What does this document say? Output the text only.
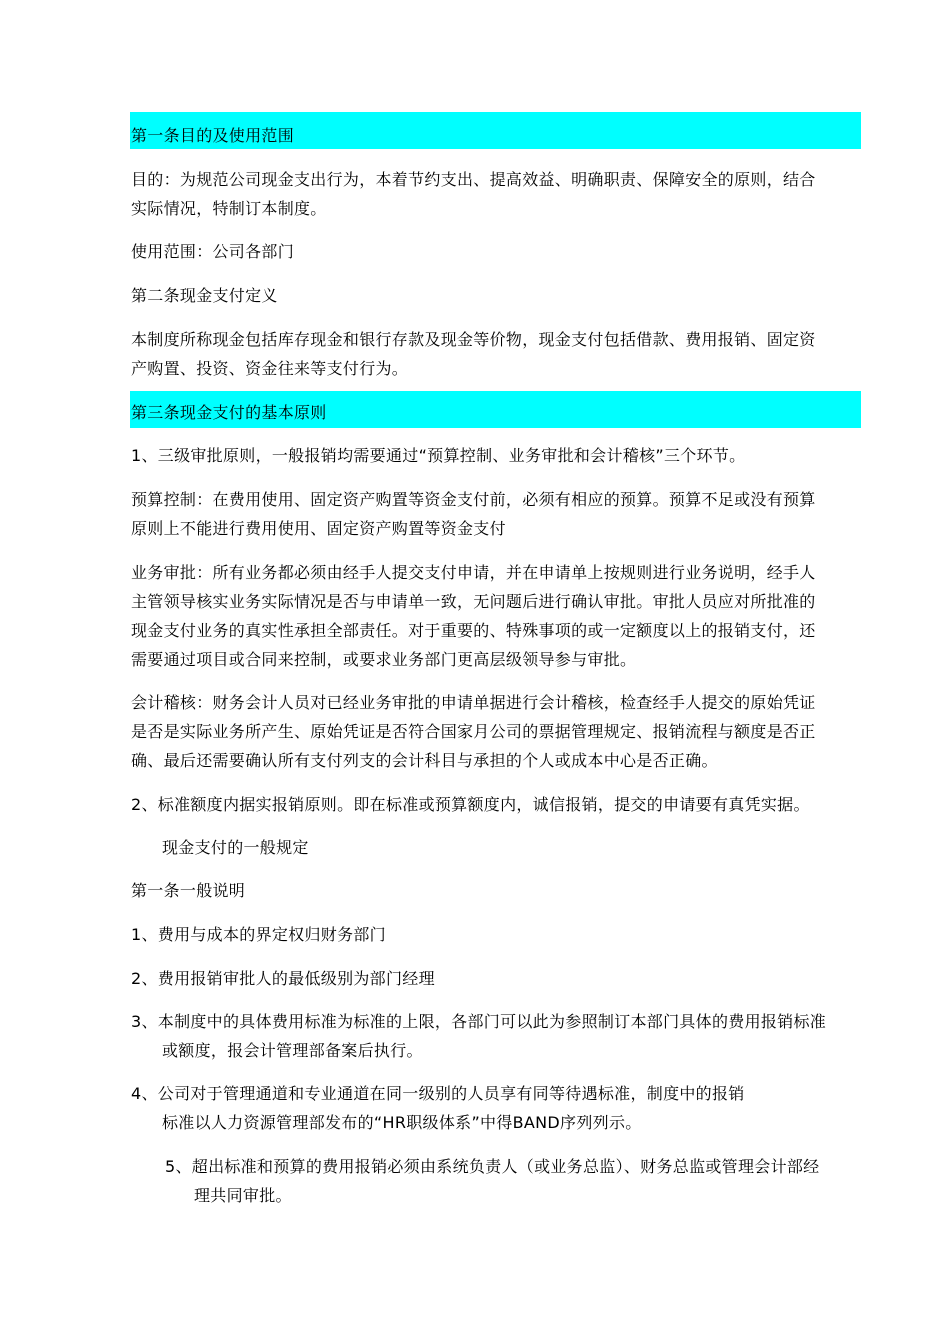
第一条目的及使用范围
目的：为规范公司现金支出行为，本着节约支出、提高效益、明确职责、保障安全的原则，结合
实际情况，特制订本制度。
使用范围：公司各部门
第二条现金支付定义
本制度所称现金包括库存现金和银行存款及现金等价物，现金支付包括借款、费用报销、固定资
产购置、投资、资金往来等支付行为。
第三条现金支付的基本原则
1、三级审批原则，一般报销均需要通过“预算控制、业务审批和会计稽核”三个环节。
预算控制：在费用使用、固定资产购置等资金支付前，必须有相应的预算。预算不足或没有预算
原则上不能进行费用使用、固定资产购置等资金支付
业务审批：所有业务都必须由经手人提交支付申请，并在申请单上按规则进行业务说明，经手人
主管领导核实业务实际情况是否与申请单一致，无问题后进行确认审批。审批人员应对所批准的
现金支付业务的真实性承担全部责任。对于重要的、特殊事项的或一定额度以上的报销支付，还
需要通过项目或合同来控制，或要求业务部门更高层级领导参与审批。
会计稽核：财务会计人员对已经业务审批的申请单据进行会计稽核，检查经手人提交的原始凭证
是否是实际业务所产生、原始凭证是否符合国家月公司的票据管理规定、报销流程与额度是否正
确、最后还需要确认所有支付列支的会计科目与承担的个人或成本中心是否正确。
2、标准额度内据实报销原则。即在标准或预算额度内，诚信报销，提交的申请要有真凭实据。
现金支付的一般规定
第一条一般说明
1、费用与成本的界定权归财务部门
2、费用报销审批人的最低级别为部门经理
3、本制度中的具体费用标准为标准的上限，各部门可以此为参照制订本部门具体的费用报销标准
或额度，报会计管理部备案后执行。
4、公司对于管理通道和专业通道在同一级别的人员享有同等待遇标准，制度中的报销
标准以人力资源管理部发布的“HR职级体系”中得BAND序列列示。
5、超出标准和预算的费用报销必须由系统负责人（或业务总监）、财务总监或管理会计部经
理共同审批。
